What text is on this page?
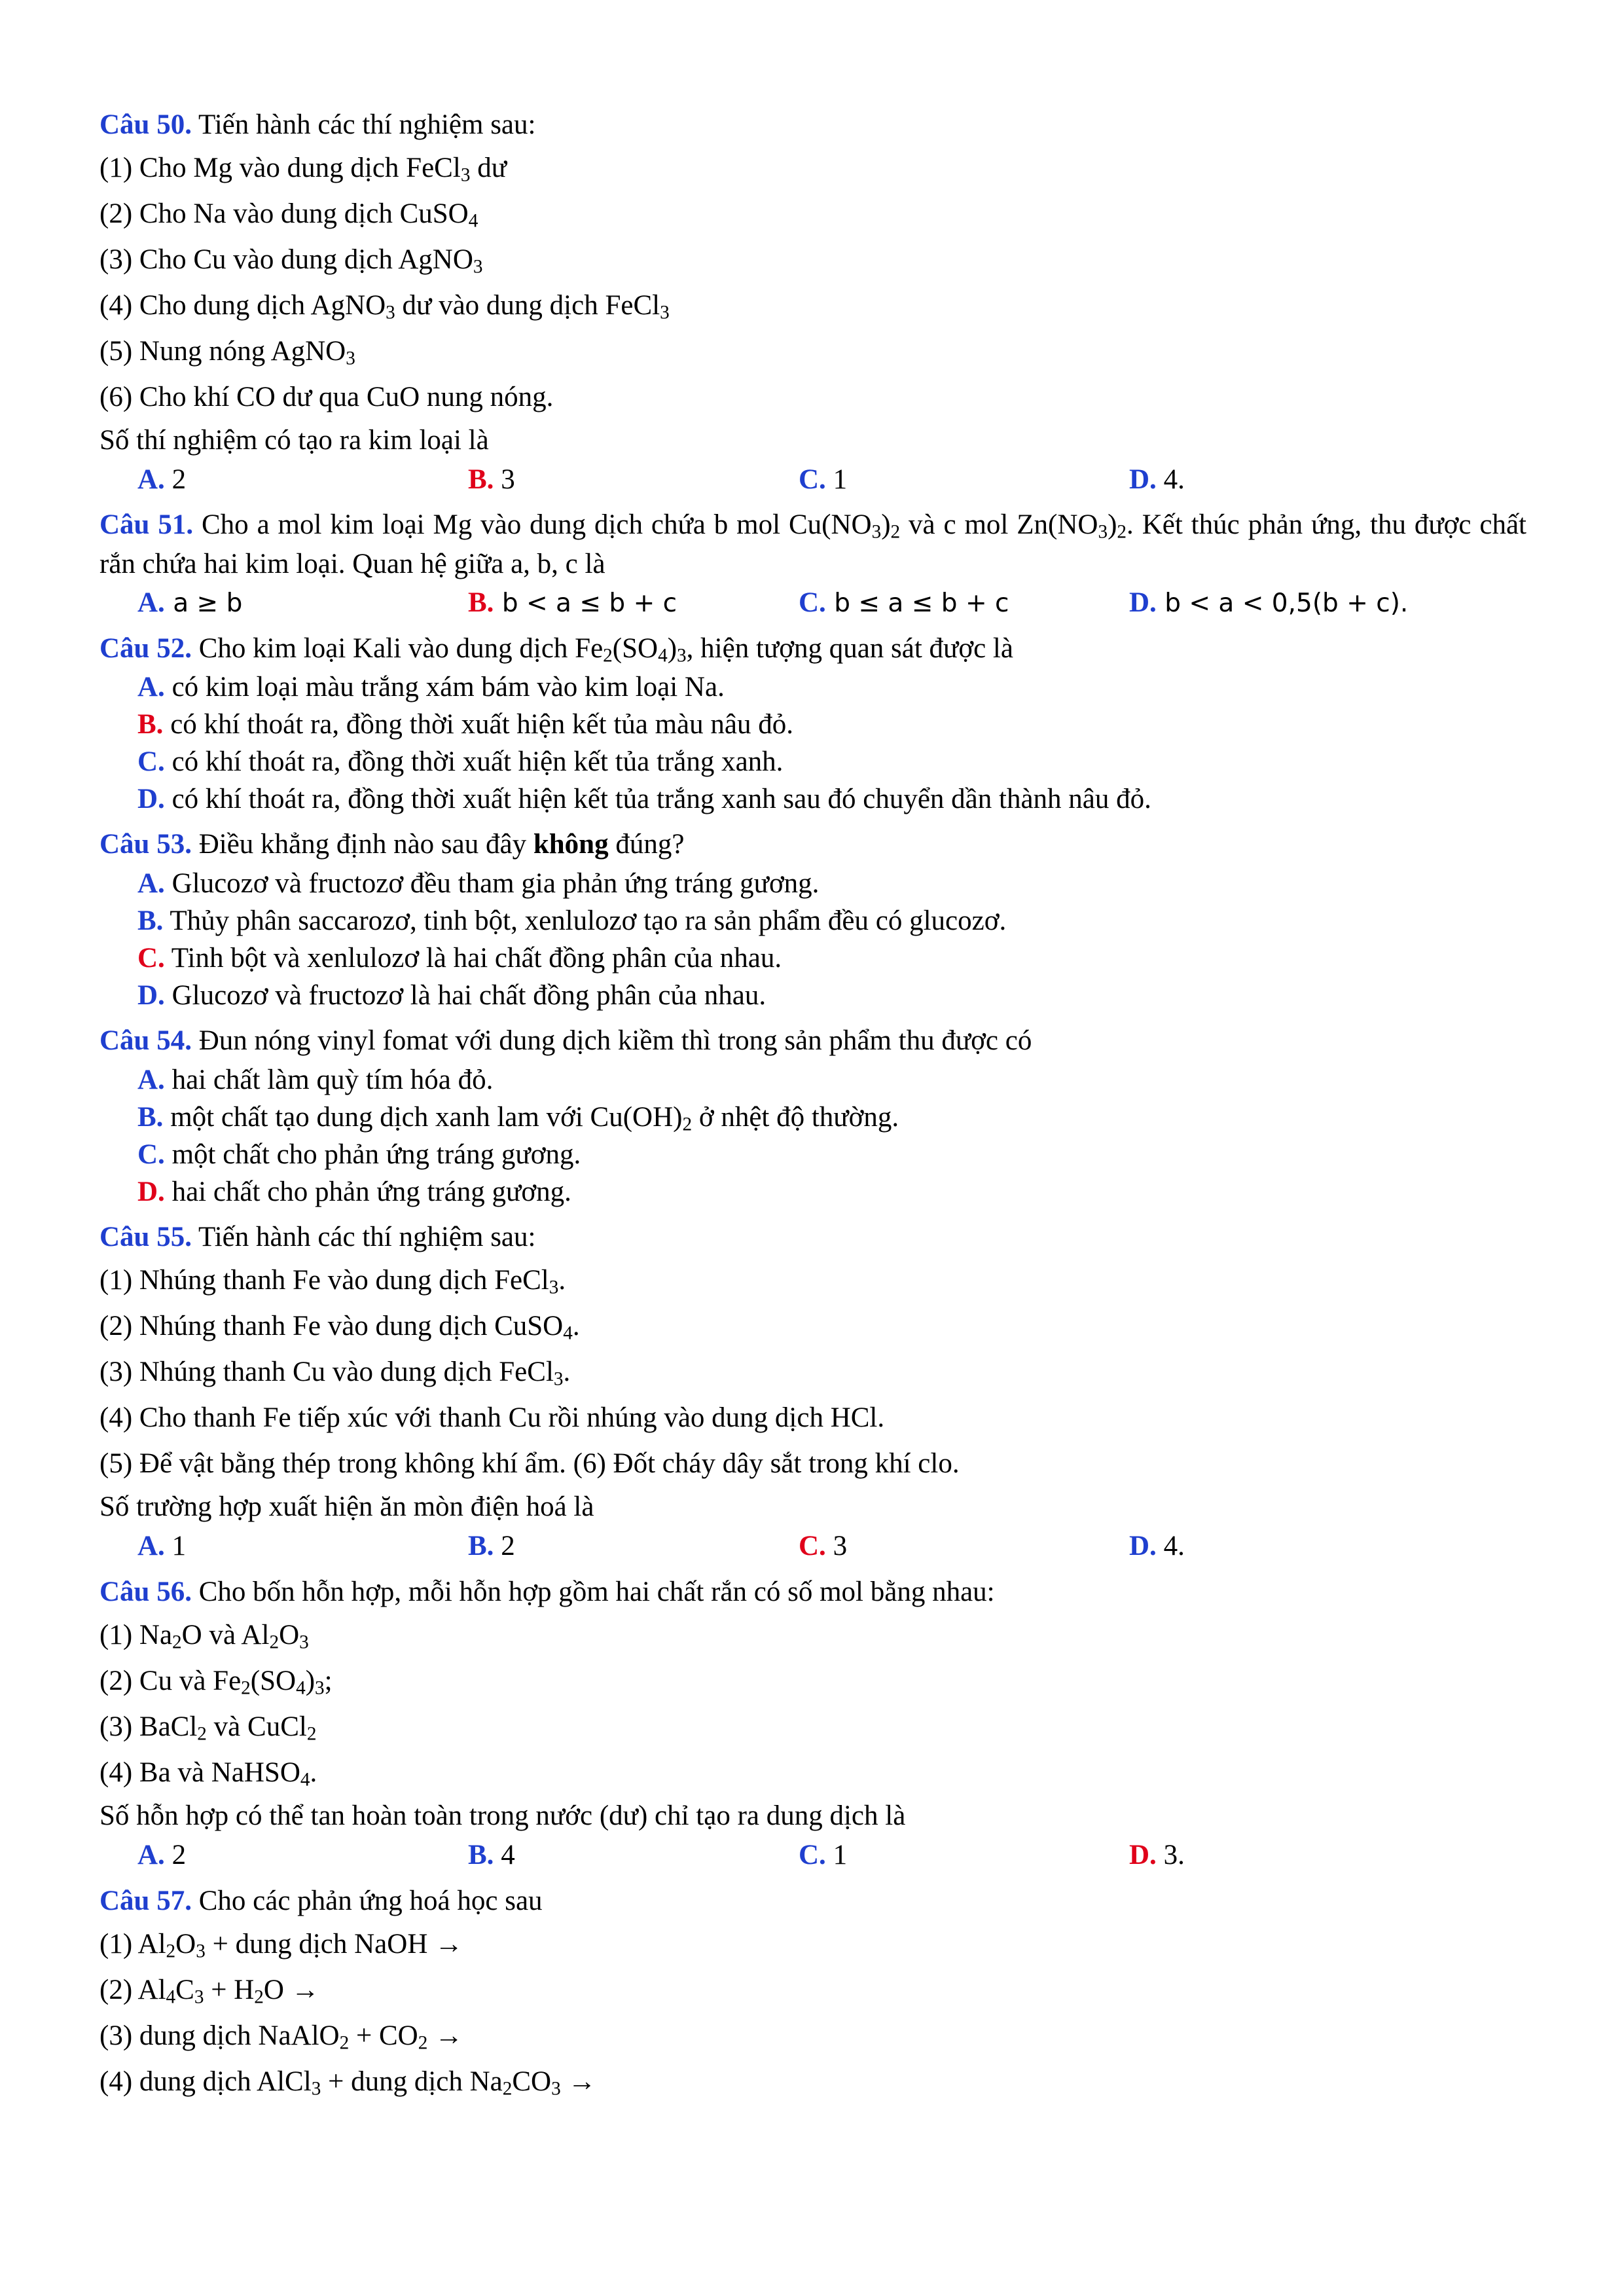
Câu 50. Tiến hành các thí nghiệm sau:
(1) Cho Mg vào dung dịch FeCl$_3$ dư
(2) Cho Na vào dung dịch CuSO$_4$
(3) Cho Cu vào dung dịch AgNO$_3$
(4) Cho dung dịch AgNO$_3$ dư vào dung dịch FeCl$_3$
(5) Nung nóng AgNO$_3$
(6) Cho khí CO dư qua CuO nung nóng.
Số thí nghiệm có tạo ra kim loại là
A. 2	B. 3	C. 1	D. 4.
Câu 51. Cho a mol kim loại Mg vào dung dịch chứa b mol $Cu(NO_3)_2$ và c mol $Zn(NO_3)_2$. Kết thúc phản ứng, thu được chất rắn chứa hai kim loại. Quan hệ giữa a, b, c là
A. a ≥ b	B. b < a ≤ b + c	C. b ≤ a ≤ b + c	D. b < a < 0,5(b + c).
Câu 52. Cho kim loại Kali vào dung dịch $Fe_2(SO_4)_3$, hiện tượng quan sát được là
A. có kim loại màu trắng xám bám vào kim loại Na.
B. có khí thoát ra, đồng thời xuất hiện kết tủa màu nâu đỏ.
C. có khí thoát ra, đồng thời xuất hiện kết tủa trắng xanh.
D. có khí thoát ra, đồng thời xuất hiện kết tủa trắng xanh sau đó chuyển dần thành nâu đỏ.
Câu 53. Điều khẳng định nào sau đây không đúng?
A. Glucozơ và fructozơ đều tham gia phản ứng tráng gương.
B. Thủy phân saccarozơ, tinh bột, xenlulozơ tạo ra sản phẩm đều có glucozơ.
C. Tinh bột và xenlulozơ là hai chất đồng phân của nhau.
D. Glucozơ và fructozơ là hai chất đồng phân của nhau.
Câu 54. Đun nóng vinyl fomat với dung dịch kiềm thì trong sản phẩm thu được có
A. hai chất làm quỳ tím hóa đỏ.
B. một chất tạo dung dịch xanh lam với $Cu(OH)_2$ ở nhệt độ thường.
C. một chất cho phản ứng tráng gương.
D. hai chất cho phản ứng tráng gương.
Câu 55. Tiến hành các thí nghiệm sau:
(1) Nhúng thanh Fe vào dung dịch FeCl$_3$.
(2) Nhúng thanh Fe vào dung dịch CuSO$_4$.
(3) Nhúng thanh Cu vào dung dịch FeCl$_3$.
(4) Cho thanh Fe tiếp xúc với thanh Cu rồi nhúng vào dung dịch HCl.
(5) Để vật bằng thép trong không khí ẩm. (6) Đốt cháy dây sắt trong khí clo.
Số trường hợp xuất hiện ăn mòn điện hoá là
A. 1	B. 2	C. 3	D. 4.
Câu 56. Cho bốn hỗn hợp, mỗi hỗn hợp gồm hai chất rắn có số mol bằng nhau:
(1) $Na_2O$ và $Al_2O_3$
(2) Cu và $Fe_2(SO_4)_3$;
(3) BaCl$_2$ và CuCl$_2$
(4) Ba và NaHSO$_4$.
Số hỗn hợp có thể tan hoàn toàn trong nước (dư) chỉ tạo ra dung dịch là
A. 2	B. 4	C. 1	D. 3.
Câu 57. Cho các phản ứng hoá học sau
(1) $Al_2O_3$ + dung dịch NaOH →
(2) $Al_4C_3 + H_2O$ →
(3) dung dịch NaAlO$_2$ + $CO_2$ →
(4) dung dịch AlCl$_3$ + dung dịch $Na_2CO_3$ →
